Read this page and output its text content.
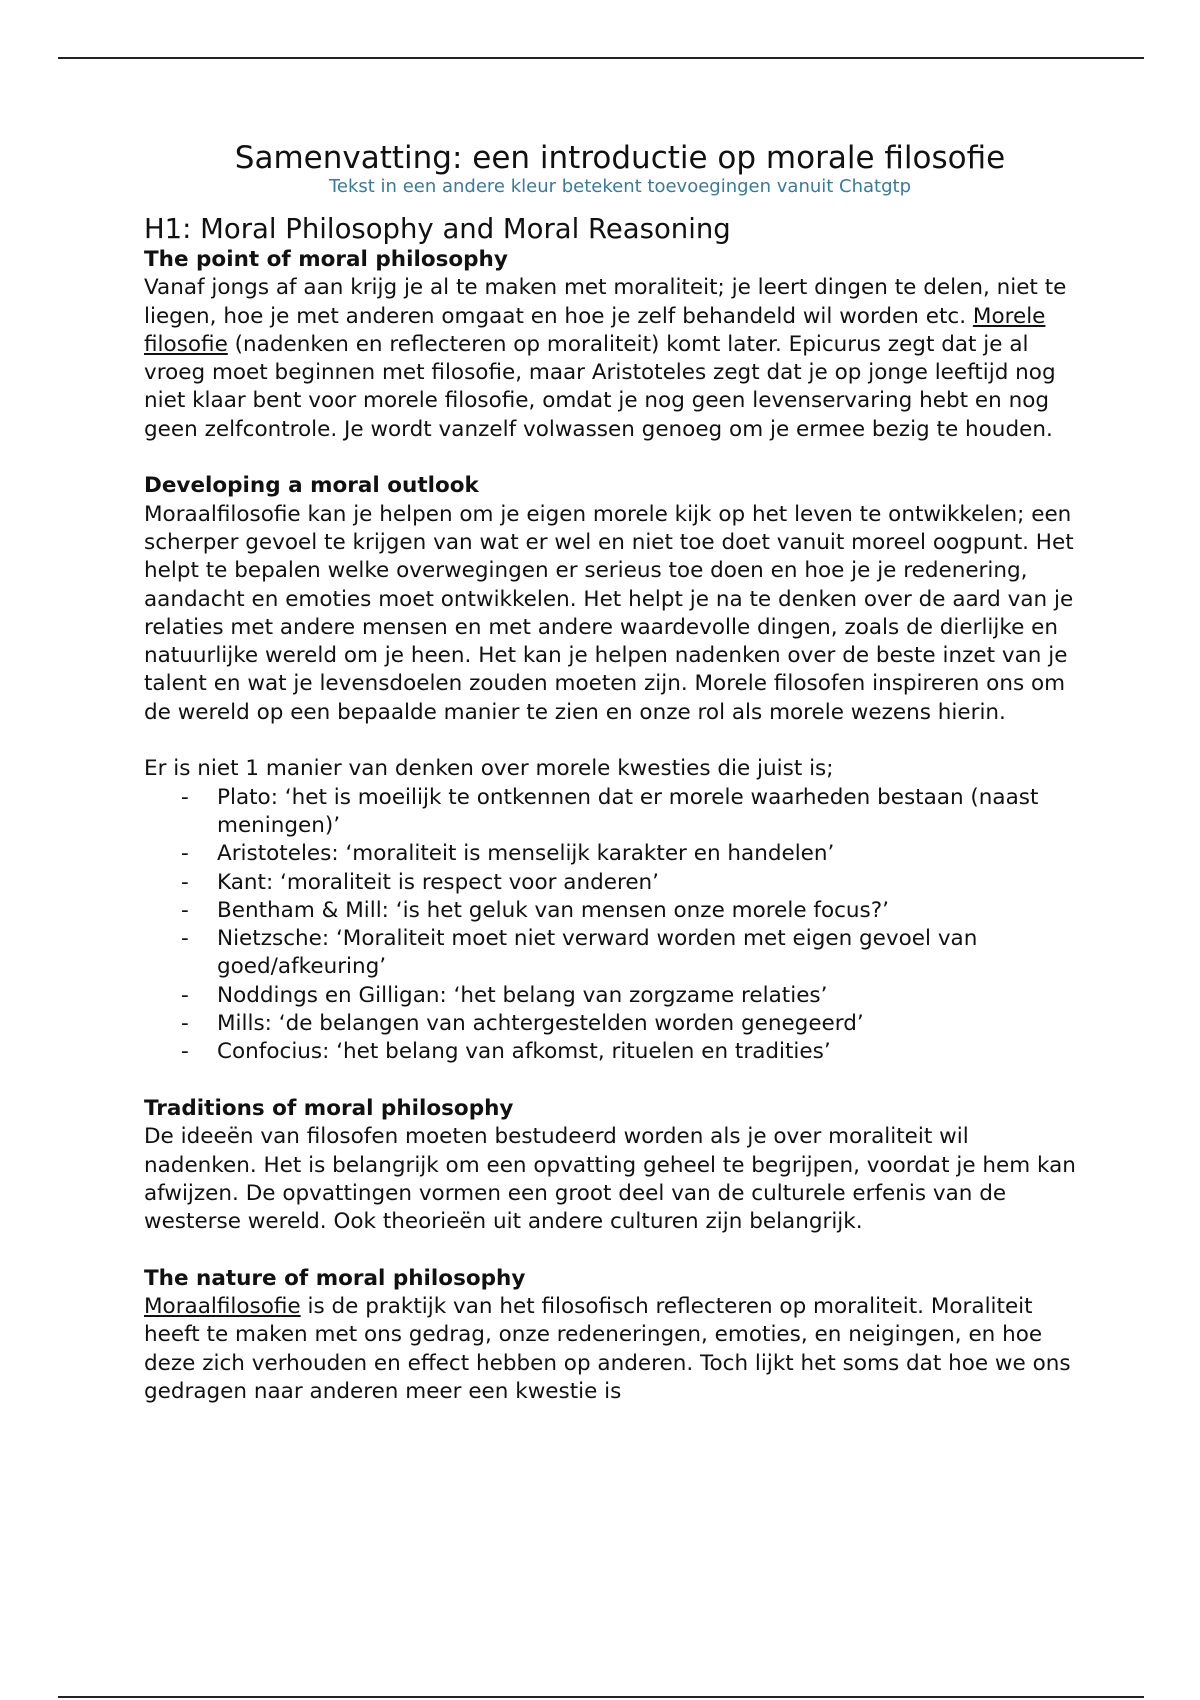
Samenvatting: een introductie op morale filosofie
Tekst in een andere kleur betekent toevoegingen vanuit Chatgtp
H1: Moral Philosophy and Moral Reasoning
The point of moral philosophy

Vanaf jongs af aan krijg je al te maken met moraliteit; je leert dingen te delen, niet te liegen, hoe je met anderen omgaat en hoe je zelf behandeld wil worden etc. Morele filosofie (nadenken en reflecteren op moraliteit) komt later. Epicurus zegt dat je al vroeg moet beginnen met filosofie, maar Aristoteles zegt dat je op jonge leeftijd nog niet klaar bent voor morele filosofie, omdat je nog geen levenservaring hebt en nog geen zelfcontrole. Je wordt vanzelf volwassen genoeg om je ermee bezig te houden.

Developing a moral outlook

Moraalfilosofie kan je helpen om je eigen morele kijk op het leven te ontwikkelen; een scherper gevoel te krijgen van wat er wel en niet toe doet vanuit moreel oogpunt. Het helpt te bepalen welke overwegingen er serieus toe doen en hoe je je redenering, aandacht en emoties moet ontwikkelen. Het helpt je na te denken over de aard van je relaties met andere mensen en met andere waardevolle dingen, zoals de dierlijke en natuurlijke wereld om je heen. Het kan je helpen nadenken over de beste inzet van je talent en wat je levensdoelen zouden moeten zijn. Morele filosofen inspireren ons om de wereld op een bepaalde manier te zien en onze rol als morele wezens hierin.

Er is niet 1 manier van denken over morele kwesties die juist is;

- Plato: ‘het is moeilijk te ontkennen dat er morele waarheden bestaan (naast meningen)’
- Aristoteles: ‘moraliteit is menselijk karakter en handelen’
- Kant: ‘moraliteit is respect voor anderen’
- Bentham & Mill: ‘is het geluk van mensen onze morele focus?’
- Nietzsche: ‘Moraliteit moet niet verward worden met eigen gevoel van goed/afkeuring’
- Noddings en Gilligan: ‘het belang van zorgzame relaties’
- Mills: ‘de belangen van achtergestelden worden genegeerd’
- Confocius: ‘het belang van afkomst, rituelen en tradities’
Traditions of moral philosophy

De ideeën van filosofen moeten bestudeerd worden als je over moraliteit wil nadenken. Het is belangrijk om een opvatting geheel te begrijpen, voordat je hem kan afwijzen. De opvattingen vormen een groot deel van de culturele erfenis van de westerse wereld. Ook theorieën uit andere culturen zijn belangrijk.

The nature of moral philosophy

Moraalfilosofie is de praktijk van het filosofisch reflecteren op moraliteit. Moraliteit heeft te maken met ons gedrag, onze redeneringen, emoties, en neigingen, en hoe deze zich verhouden en effect hebben op anderen. Toch lijkt het soms dat hoe we ons gedragen naar anderen meer een kwestie is
